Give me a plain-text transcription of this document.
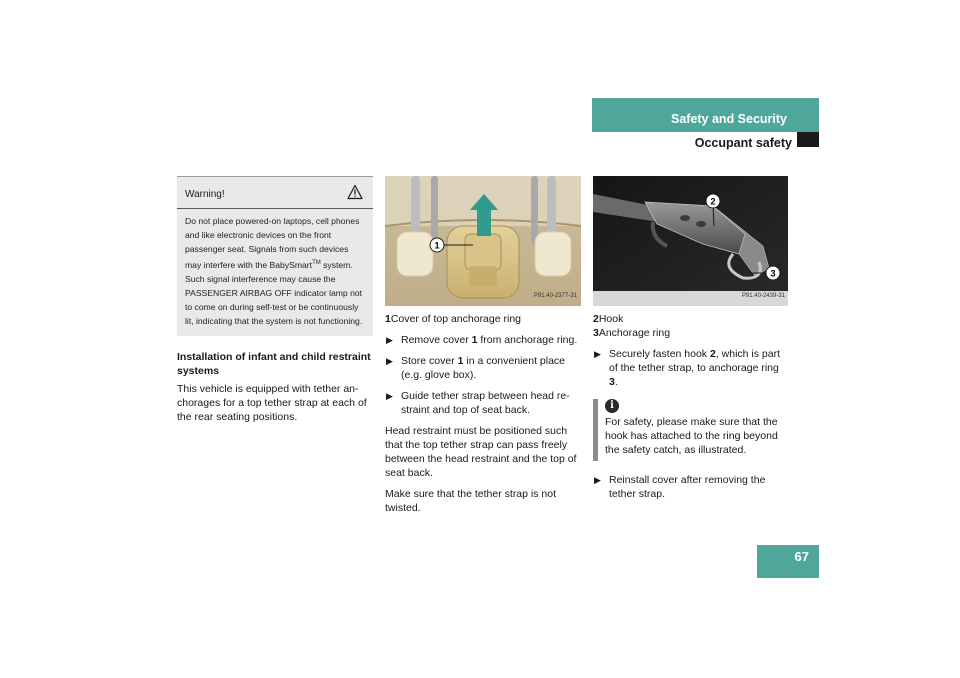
Safety and Security
Occupant safety
Warning!
Do not place powered-on laptops, cell phones and like electronic devices on the front passenger seat. Signals from such devices may interfere with the BabySmart™ system. Such signal interference may cause the PASSENGER AIRBAG OFF indicator lamp not to come on during self-test or be continuously lit, indicating that the system is not functioning.
Installation of infant and child restraint systems
This vehicle is equipped with tether anchorages for a top tether strap at each of the rear seating positions.
1
P91.40-2377-31
1Cover of top anchorage ring
▶ Remove cover 1 from anchorage ring.
▶ Store cover 1 in a convenient place (e.g. glove box).
▶ Guide tether strap between head restraint and top of seat back.
Head restraint must be positioned such that the top tether strap can pass freely between the head restraint and the top of seat back.
Make sure that the tether strap is not twisted.
2
3
P91.40-2439-31
2Hook
3Anchorage ring
▶ Securely fasten hook 2, which is part of the tether strap, to anchorage ring 3.
i
For safety, please make sure that the hook has attached to the ring beyond the safety catch, as illustrated.
▶ Reinstall cover after removing the tether strap.
67
